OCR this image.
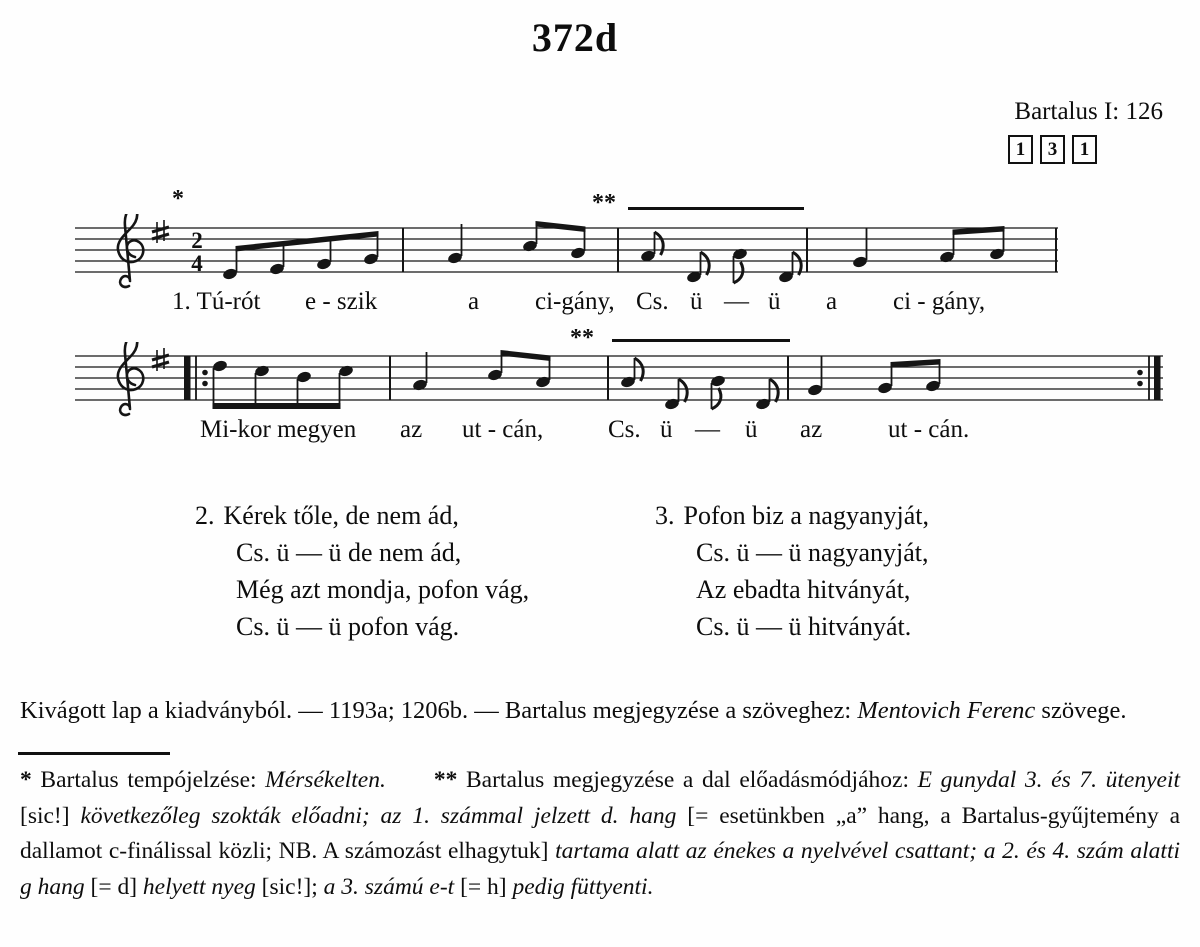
372d
Bartalus I: 126
1	3	1
*	**
2
4
1. Tú-rót e - szik	a ci-gány, Cs. ü — ü a ci - gány,
**
Mi-kor megyen az ut - cán,	Cs. ü — ü az	ut - cán.
2. Kérek tőle, de nem ád,
Cs. ü — ü de nem ád,
Még azt mondja, pofon vág,
Cs. ü — ü pofon vág.
3. Pofon biz a nagyanyját,
Cs. ü — ü nagyanyját,
Az ebadta hitványát,
Cs. ü — ü hitványát.
Kivágott lap a kiadványból. — 1193a; 1206b. — Bartalus megjegyzése a szöveghez: Mentovich Ferenc szövege.
* Bartalus tempójelzése: Mérsékelten. ** Bartalus megjegyzése a dal előadásmódjához: E gunydal 3. és 7. ütenyeit [sic!] következőleg szokták előadni; az 1. számmal jelzett d. hang [= esetünkben „a” hang, a Bartalus-gyűjtemény a dallamot c-finálissal közli; NB. A számozást elhagytuk] tartama alatt az énekes a nyelvével csattant; a 2. és 4. szám alatti g hang [= d] helyett nyeg [sic!]; a 3. számú e-t [= h] pedig füttyenti.
